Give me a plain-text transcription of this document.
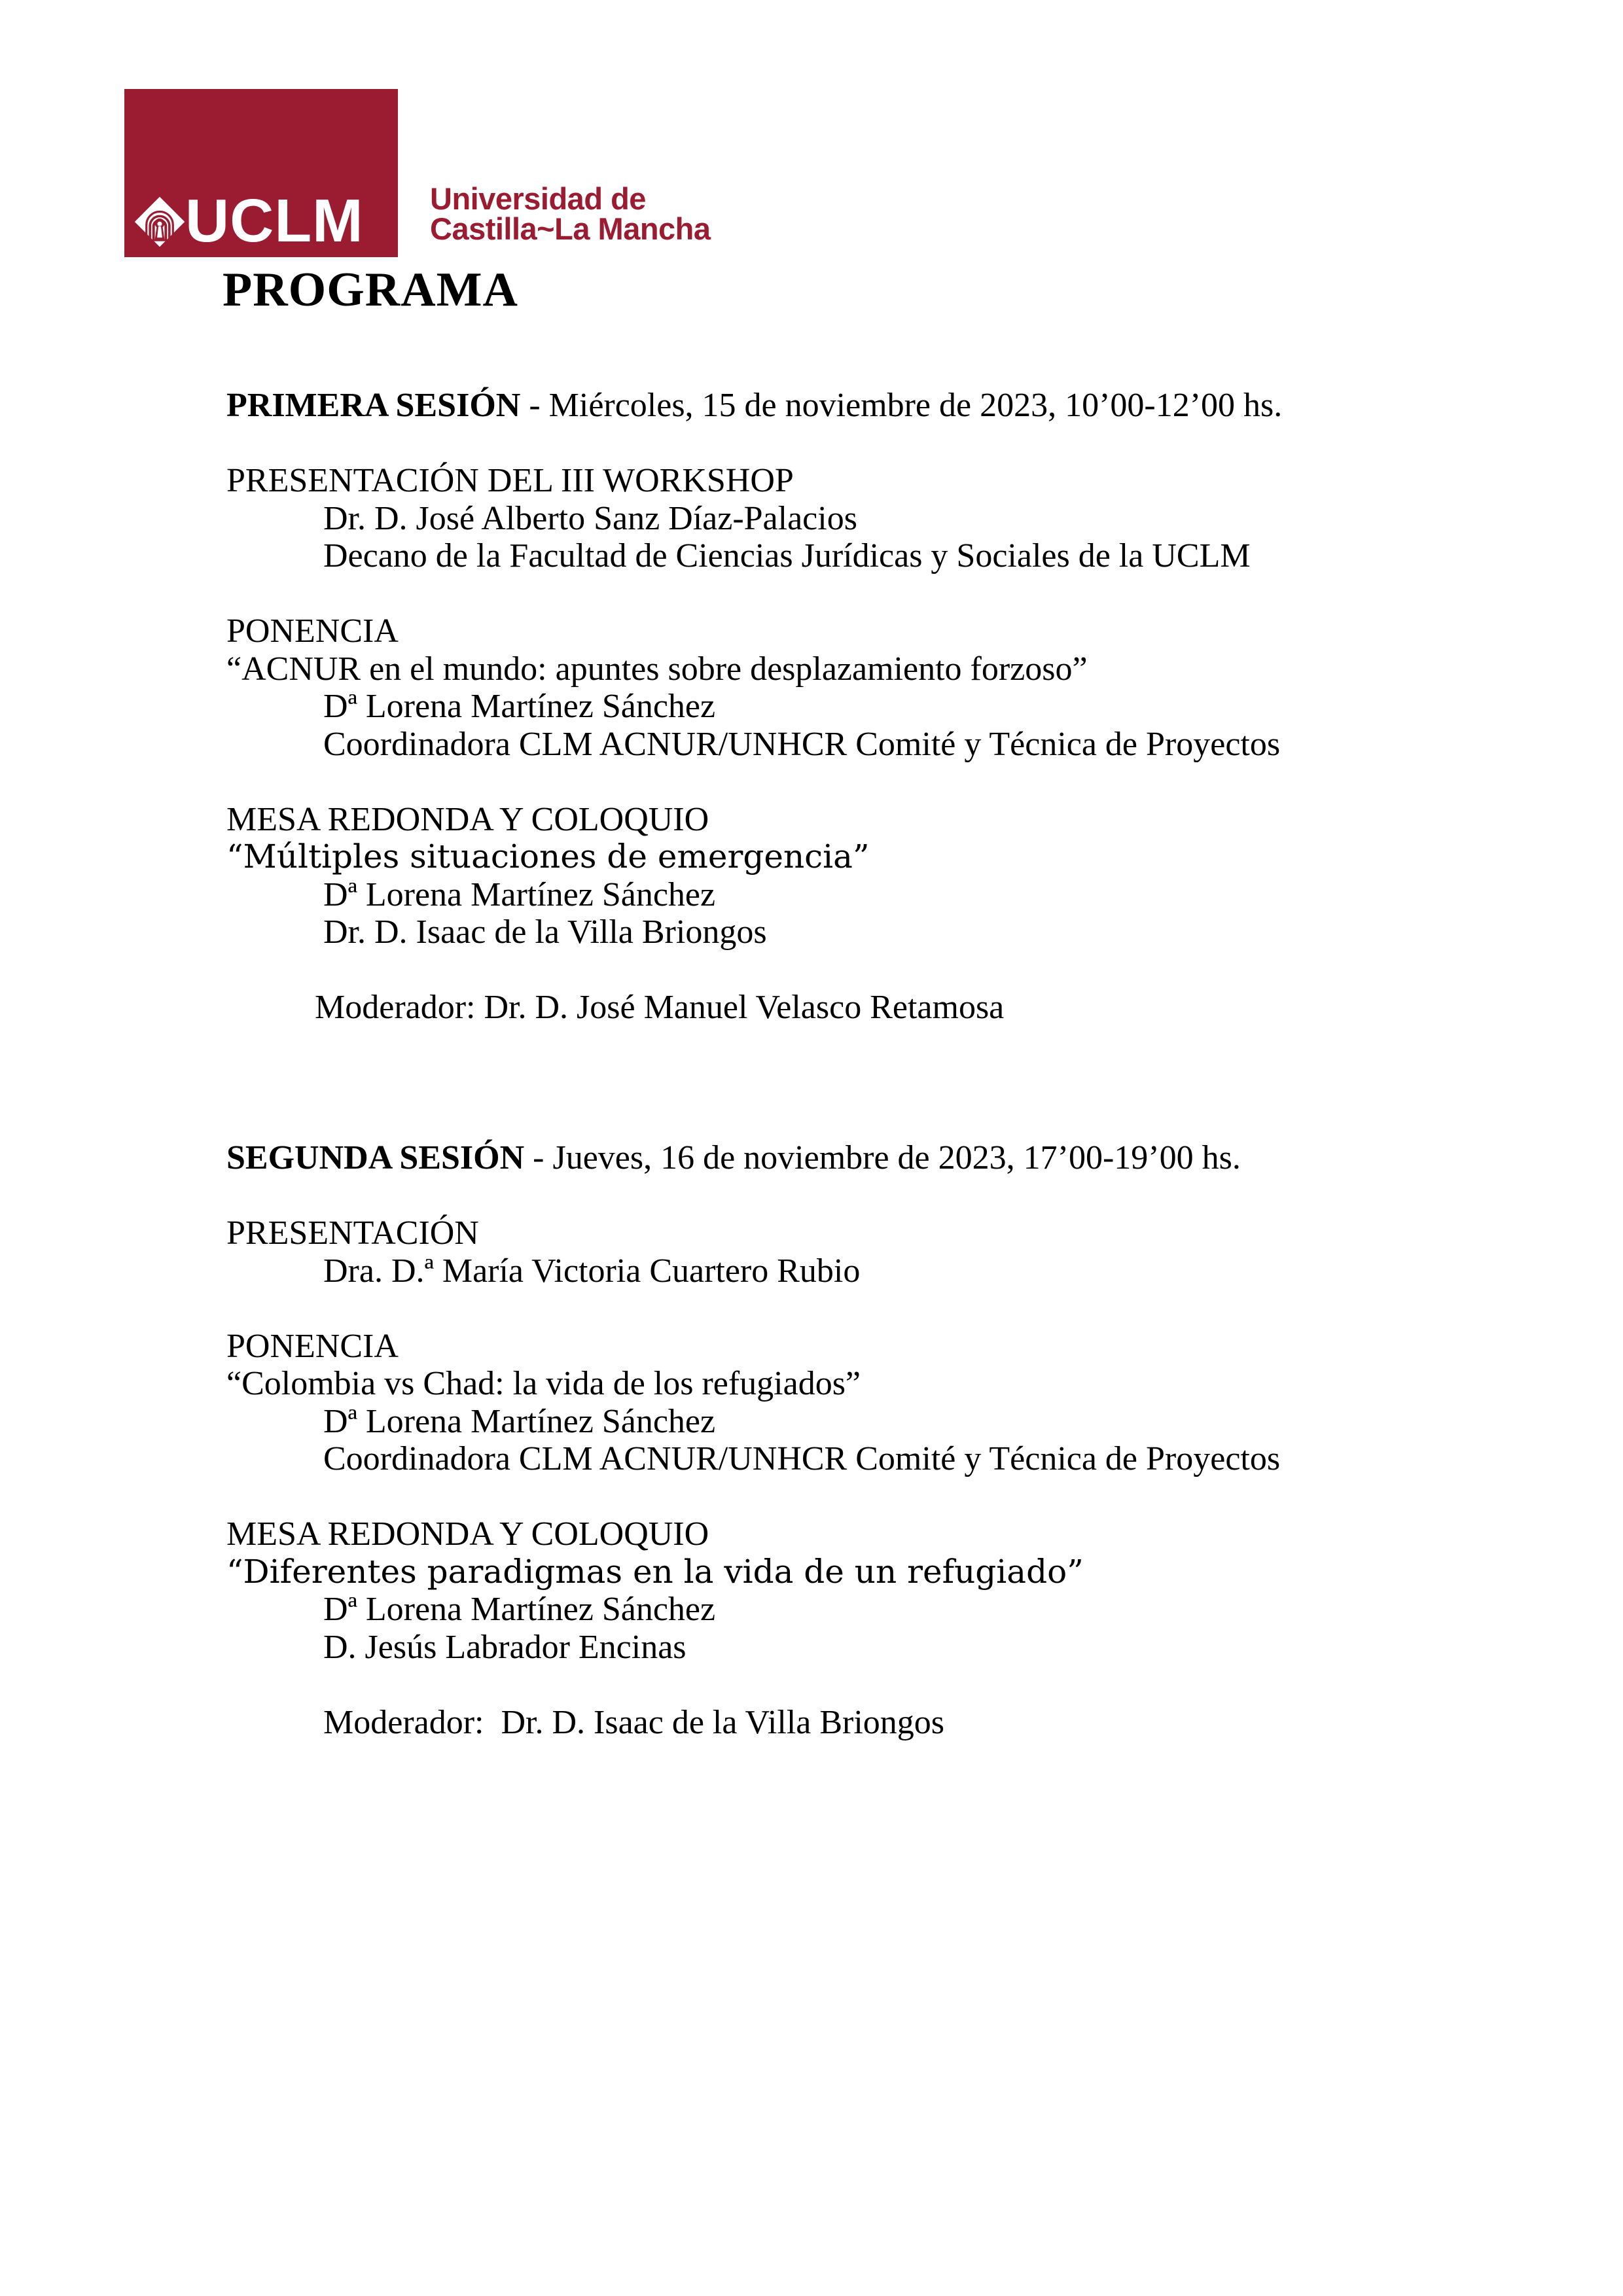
UCLM Universidad de
Castilla~La Mancha
PROGRAMA
PRIMERA SESIÓN - Miércoles, 15 de noviembre de 2023, 10’00-12’00 hs.
PRESENTACIÓN DEL III WORKSHOP
Dr. D. José Alberto Sanz Díaz-Palacios
Decano de la Facultad de Ciencias Jurídicas y Sociales de la UCLM
PONENCIA
“ACNUR en el mundo: apuntes sobre desplazamiento forzoso”
Dª Lorena Martínez Sánchez
Coordinadora CLM ACNUR/UNHCR Comité y Técnica de Proyectos
MESA REDONDA Y COLOQUIO
“Múltiples situaciones de emergencia”
Dª Lorena Martínez Sánchez
Dr. D. Isaac de la Villa Briongos
Moderador: Dr. D. José Manuel Velasco Retamosa
SEGUNDA SESIÓN - Jueves, 16 de noviembre de 2023, 17’00-19’00 hs.
PRESENTACIÓN
Dra. D.ª María Victoria Cuartero Rubio
PONENCIA
“Colombia vs Chad: la vida de los refugiados”
Dª Lorena Martínez Sánchez
Coordinadora CLM ACNUR/UNHCR Comité y Técnica de Proyectos
MESA REDONDA Y COLOQUIO
“Diferentes paradigmas en la vida de un refugiado”
Dª Lorena Martínez Sánchez
D. Jesús Labrador Encinas
Moderador:  Dr. D. Isaac de la Villa Briongos
